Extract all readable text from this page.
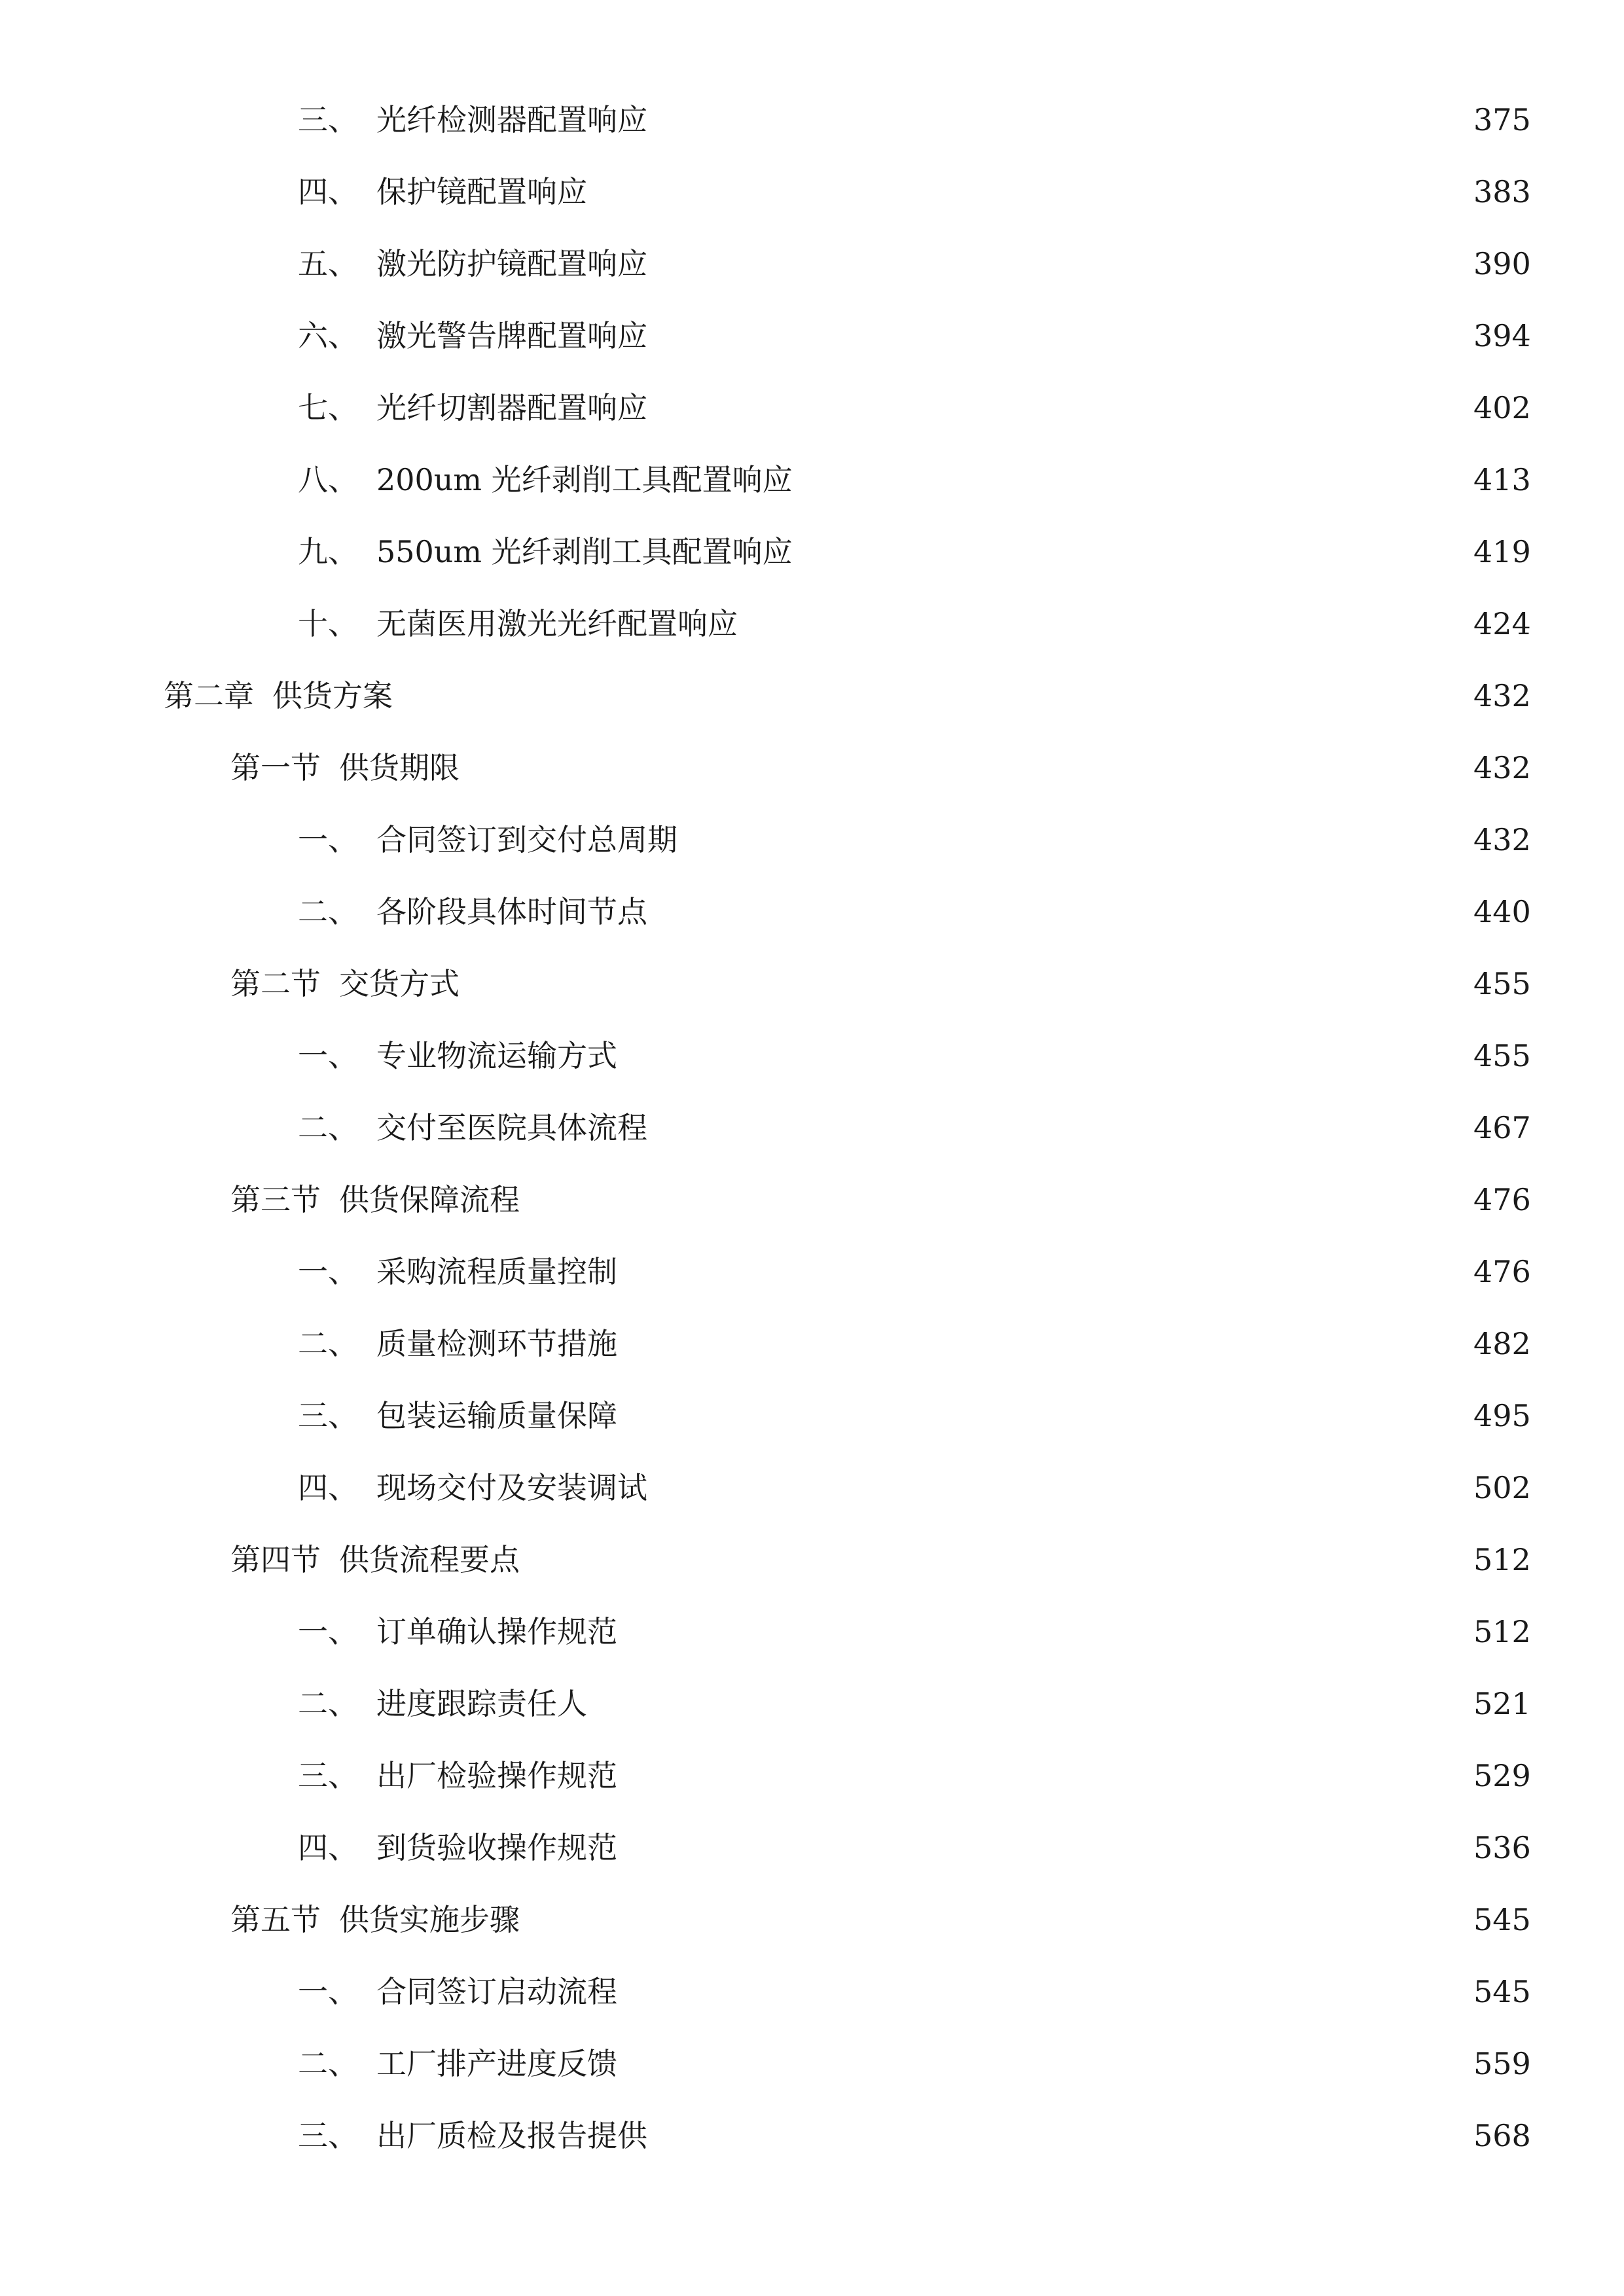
三、 光纤检测器配置响应	375
四、 保护镜配置响应	383
五、 激光防护镜配置响应	390
六、 激光警告牌配置响应	394
七、 光纤切割器配置响应	402
八、 200um 光纤剥削工具配置响应	413
九、 550um 光纤剥削工具配置响应	419
十、 无菌医用激光光纤配置响应	424
第二章 供货方案	432
第一节 供货期限	432
一、 合同签订到交付总周期	432
二、 各阶段具体时间节点	440
第二节 交货方式	455
一、 专业物流运输方式	455
二、 交付至医院具体流程	467
第三节 供货保障流程	476
一、 采购流程质量控制	476
二、 质量检测环节措施	482
三、 包装运输质量保障	495
四、 现场交付及安装调试	502
第四节 供货流程要点	512
一、 订单确认操作规范	512
二、 进度跟踪责任人	521
三、 出厂检验操作规范	529
四、 到货验收操作规范	536
第五节 供货实施步骤	545
一、 合同签订启动流程	545
二、 工厂排产进度反馈	559
三、 出厂质检及报告提供	568
